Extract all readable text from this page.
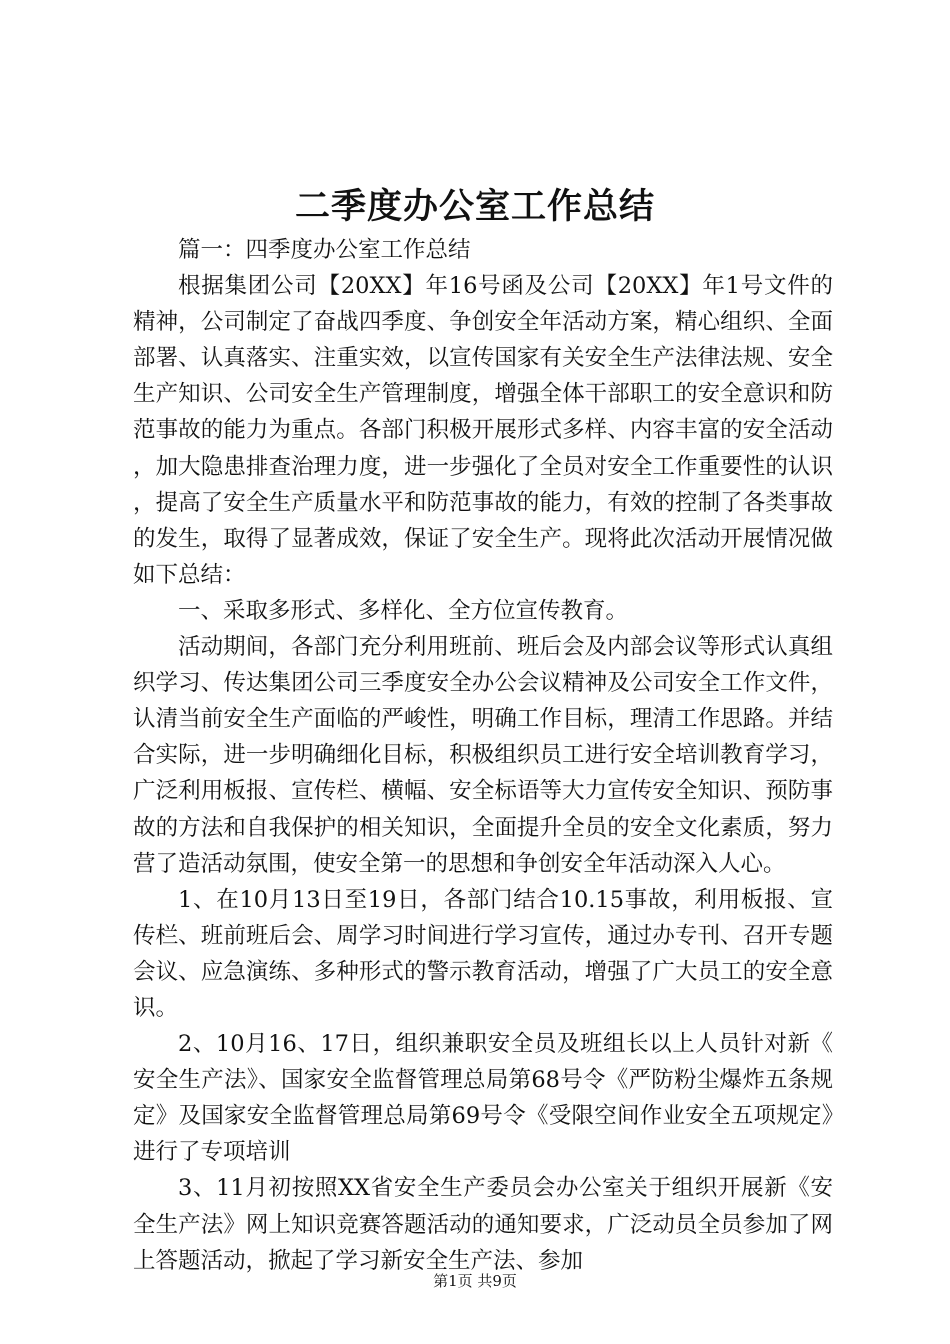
二季度办公室工作总结

篇一：四季度办公室工作总结

根据集团公司【20XX】年16号函及公司【20XX】年1号文件的精神，公司制定了奋战四季度、争创安全年活动方案，精心组织、全面部署、认真落实、注重实效，以宣传国家有关安全生产法律法规、安全生产知识、公司安全生产管理制度，增强全体干部职工的安全意识和防范事故的能力为重点。各部门积极开展形式多样、内容丰富的安全活动，加大隐患排查治理力度，进一步强化了全员对安全工作重要性的认识，提高了安全生产质量水平和防范事故的能力，有效的控制了各类事故的发生，取得了显著成效，保证了安全生产。现将此次活动开展情况做如下总结：

一、采取多形式、多样化、全方位宣传教育。

活动期间，各部门充分利用班前、班后会及内部会议等形式认真组织学习、传达集团公司三季度安全办公会议精神及公司安全工作文件，认清当前安全生产面临的严峻性，明确工作目标，理清工作思路。并结合实际，进一步明确细化目标，积极组织员工进行安全培训教育学习，广泛利用板报、宣传栏、横幅、安全标语等大力宣传安全知识、预防事故的方法和自我保护的相关知识，全面提升全员的安全文化素质，努力营了造活动氛围，使安全第一的思想和争创安全年活动深入人心。

1、在10月13日至19日，各部门结合10.15事故，利用板报、宣传栏、班前班后会、周学习时间进行学习宣传，通过办专刊、召开专题会议、应急演练、多种形式的警示教育活动，增强了广大员工的安全意识。

2、10月16、17日，组织兼职安全员及班组长以上人员针对新《安全生产法》、国家安全监督管理总局第68号令《严防粉尘爆炸五条规定》及国家安全监督管理总局第69号令《受限空间作业安全五项规定》进行了专项培训

3、11月初按照XX省安全生产委员会办公室关于组织开展新《安全生产法》网上知识竞赛答题活动的通知要求，广泛动员全员参加了网上答题活动，掀起了学习新安全生产法、参加

第1页 共9页
